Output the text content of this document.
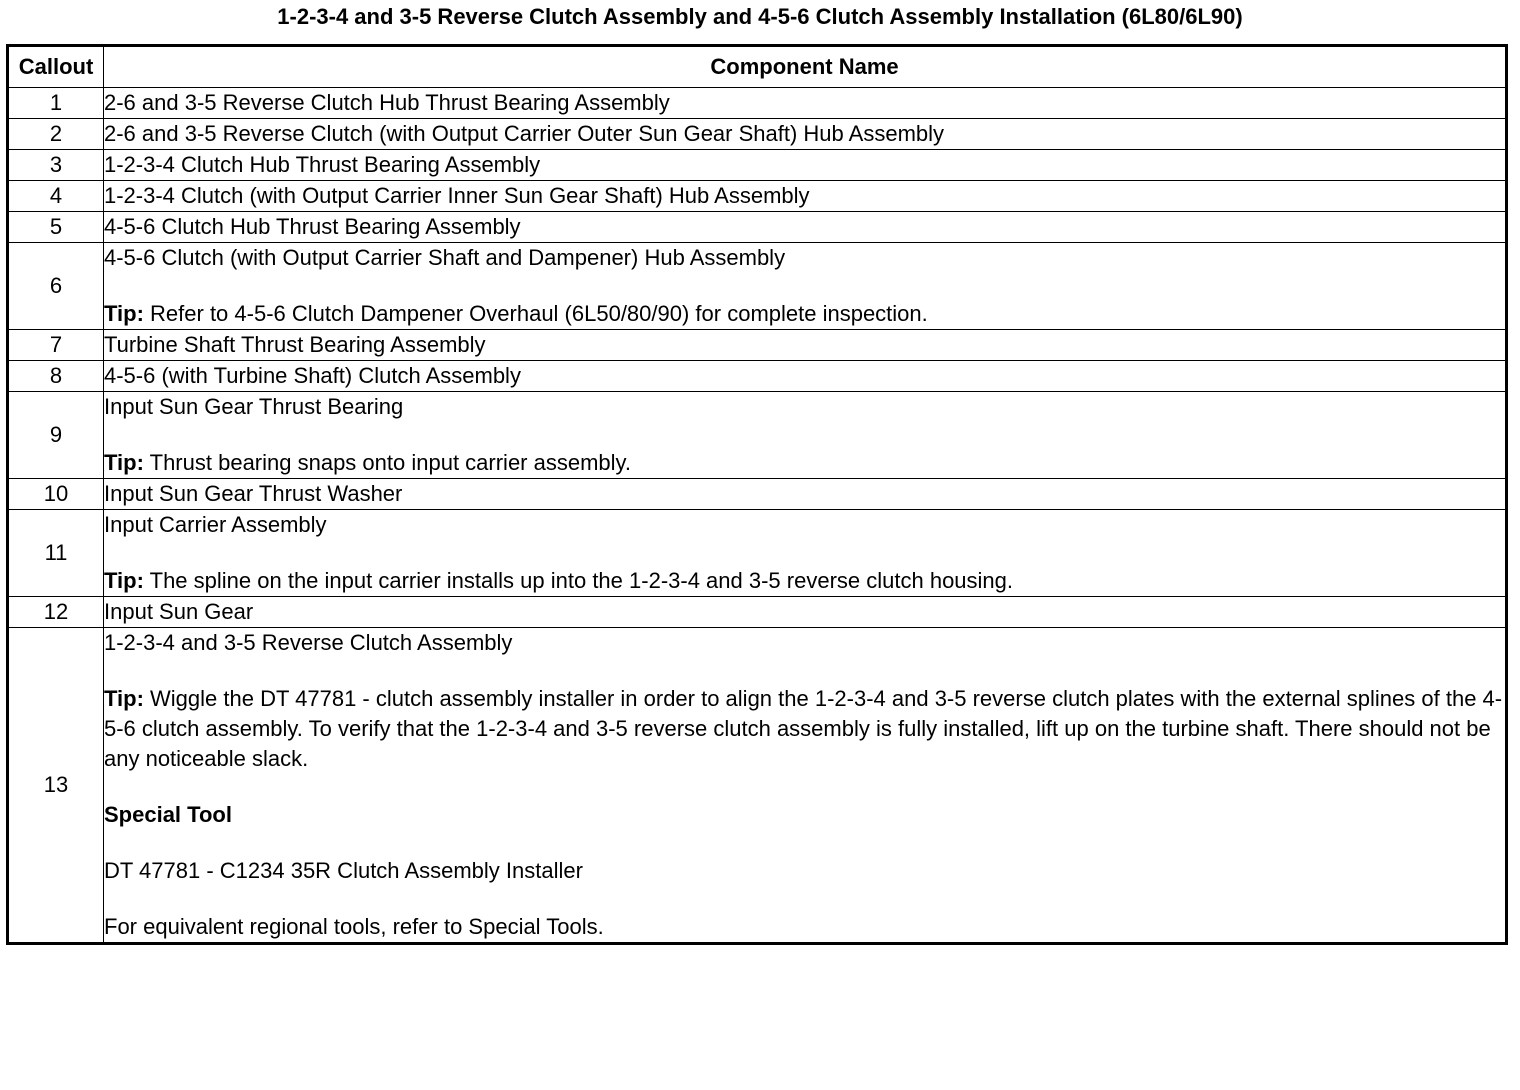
1-2-3-4 and 3-5 Reverse Clutch Assembly and 4-5-6 Clutch Assembly Installation (6L80/6L90)
Callout	Component Name
1	2-6 and 3-5 Reverse Clutch Hub Thrust Bearing Assembly
2	2-6 and 3-5 Reverse Clutch (with Output Carrier Outer Sun Gear Shaft) Hub Assembly
3	1-2-3-4 Clutch Hub Thrust Bearing Assembly
4	1-2-3-4 Clutch (with Output Carrier Inner Sun Gear Shaft) Hub Assembly
5	4-5-6 Clutch Hub Thrust Bearing Assembly
6	4-5-6 Clutch (with Output Carrier Shaft and Dampener) Hub Assembly

Tip: Refer to 4-5-6 Clutch Dampener Overhaul (6L50/80/90) for complete inspection.

7	Turbine Shaft Thrust Bearing Assembly
8	4-5-6 (with Turbine Shaft) Clutch Assembly
9	Input Sun Gear Thrust Bearing

Tip: Thrust bearing snaps onto input carrier assembly.

10	Input Sun Gear Thrust Washer
11	Input Carrier Assembly

Tip: The spline on the input carrier installs up into the 1-2-3-4 and 3-5 reverse clutch housing.

12	Input Sun Gear
13	1-2-3-4 and 3-5 Reverse Clutch Assembly

Tip: Wiggle the DT 47781 - clutch assembly installer in order to align the 1-2-3-4 and 3-5 reverse clutch plates with the external splines of the 4-5-6 clutch assembly. To verify that the 1-2-3-4 and 3-5 reverse clutch assembly is fully installed, lift up on the turbine shaft. There should not be any noticeable slack.

Special Tool

DT 47781 - C1234 35R Clutch Assembly Installer

For equivalent regional tools, refer to Special Tools.
